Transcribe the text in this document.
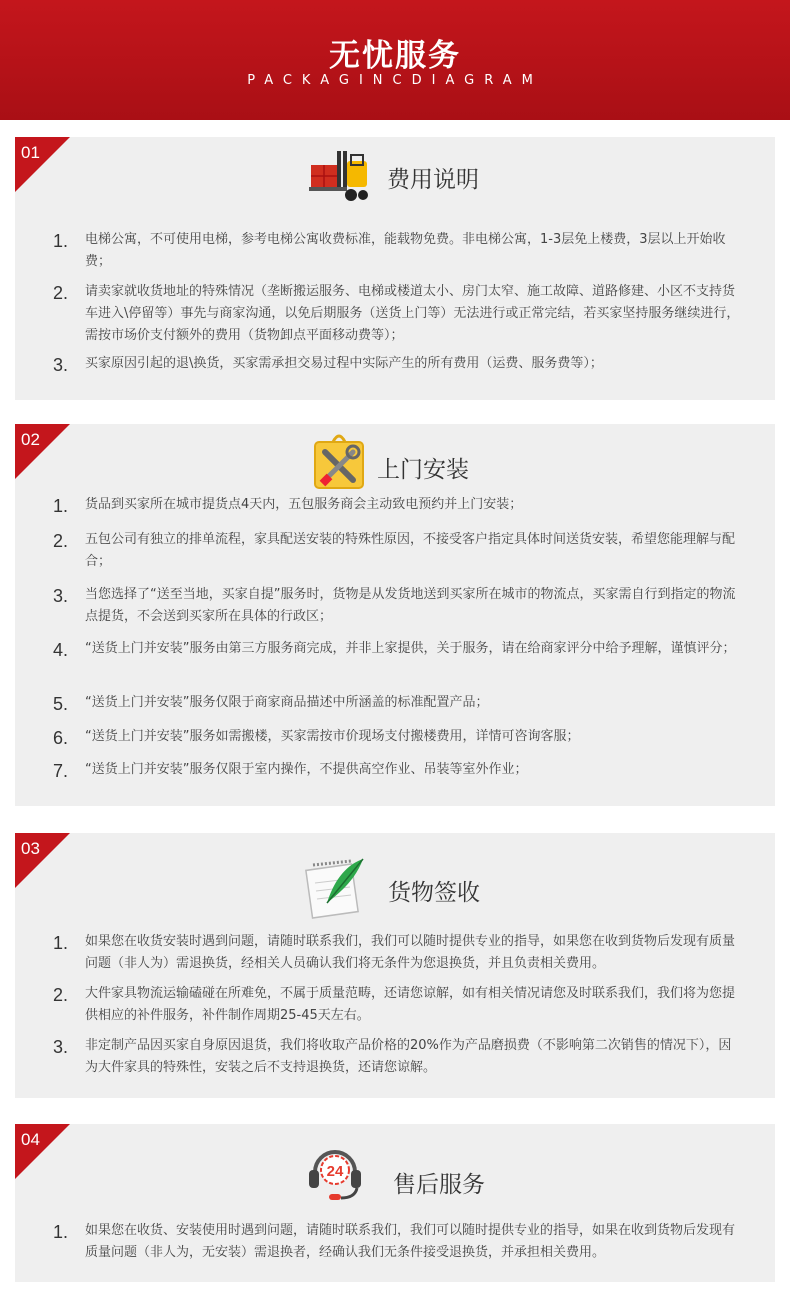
无忧服务
PACKAGINCDIAGRAM
01
费用说明
1. 电梯公寓，不可使用电梯，参考电梯公寓收费标准，能载物免费。非电梯公寓，1-3层免上楼费，3层以上开始收费；
2. 请卖家就收货地址的特殊情况（垄断搬运服务、电梯或楼道太小、房门太窄、施工故障、道路修建、小区不支持货车进入\停留等）事先与商家沟通，以免后期服务（送货上门等）无法进行或正常完结，若买家坚持服务继续进行，需按市场价支付额外的费用（货物卸点平面移动费等）；
3. 买家原因引起的退\换货，买家需承担交易过程中实际产生的所有费用（运费、服务费等）；
02
上门安装
1. 货品到买家所在城市提货点4天内，五包服务商会主动致电预约并上门安装；
2. 五包公司有独立的排单流程，家具配送安装的特殊性原因，不接受客户指定具体时间送货安装，希望您能理解与配合；
3. 当您选择了“送至当地，买家自提”服务时，货物是从发货地送到买家所在城市的物流点，买家需自行到指定的物流点提货，不会送到买家所在具体的行政区；
4. “送货上门并安装”服务由第三方服务商完成，并非上家提供，关于服务，请在给商家评分中给予理解，谨慎评分；
5. “送货上门并安装”服务仅限于商家商品描述中所涵盖的标准配置产品；
6. “送货上门并安装”服务如需搬楼，买家需按市价现场支付搬楼费用，详情可咨询客服；
7. “送货上门并安装”服务仅限于室内操作，不提供高空作业、吊装等室外作业；
03
货物签收
1. 如果您在收货安装时遇到问题，请随时联系我们，我们可以随时提供专业的指导，如果您在收到货物后发现有质量问题（非人为）需退换货，经相关人员确认我们将无条件为您退换货，并且负责相关费用。
2. 大件家具物流运输磕碰在所难免，不属于质量范畴，还请您谅解，如有相关情况请您及时联系我们，我们将为您提供相应的补件服务，补件制作周期25-45天左右。
3. 非定制产品因买家自身原因退货，我们将收取产品价格的20%作为产品磨损费（不影响第二次销售的情况下），因为大件家具的特殊性，安装之后不支持退换货，还请您谅解。
04
24
售后服务
1. 如果您在收货、安装使用时遇到问题，请随时联系我们，我们可以随时提供专业的指导，如果在收到货物后发现有质量问题（非人为，无安装）需退换者，经确认我们无条件接受退换货，并承担相关费用。
